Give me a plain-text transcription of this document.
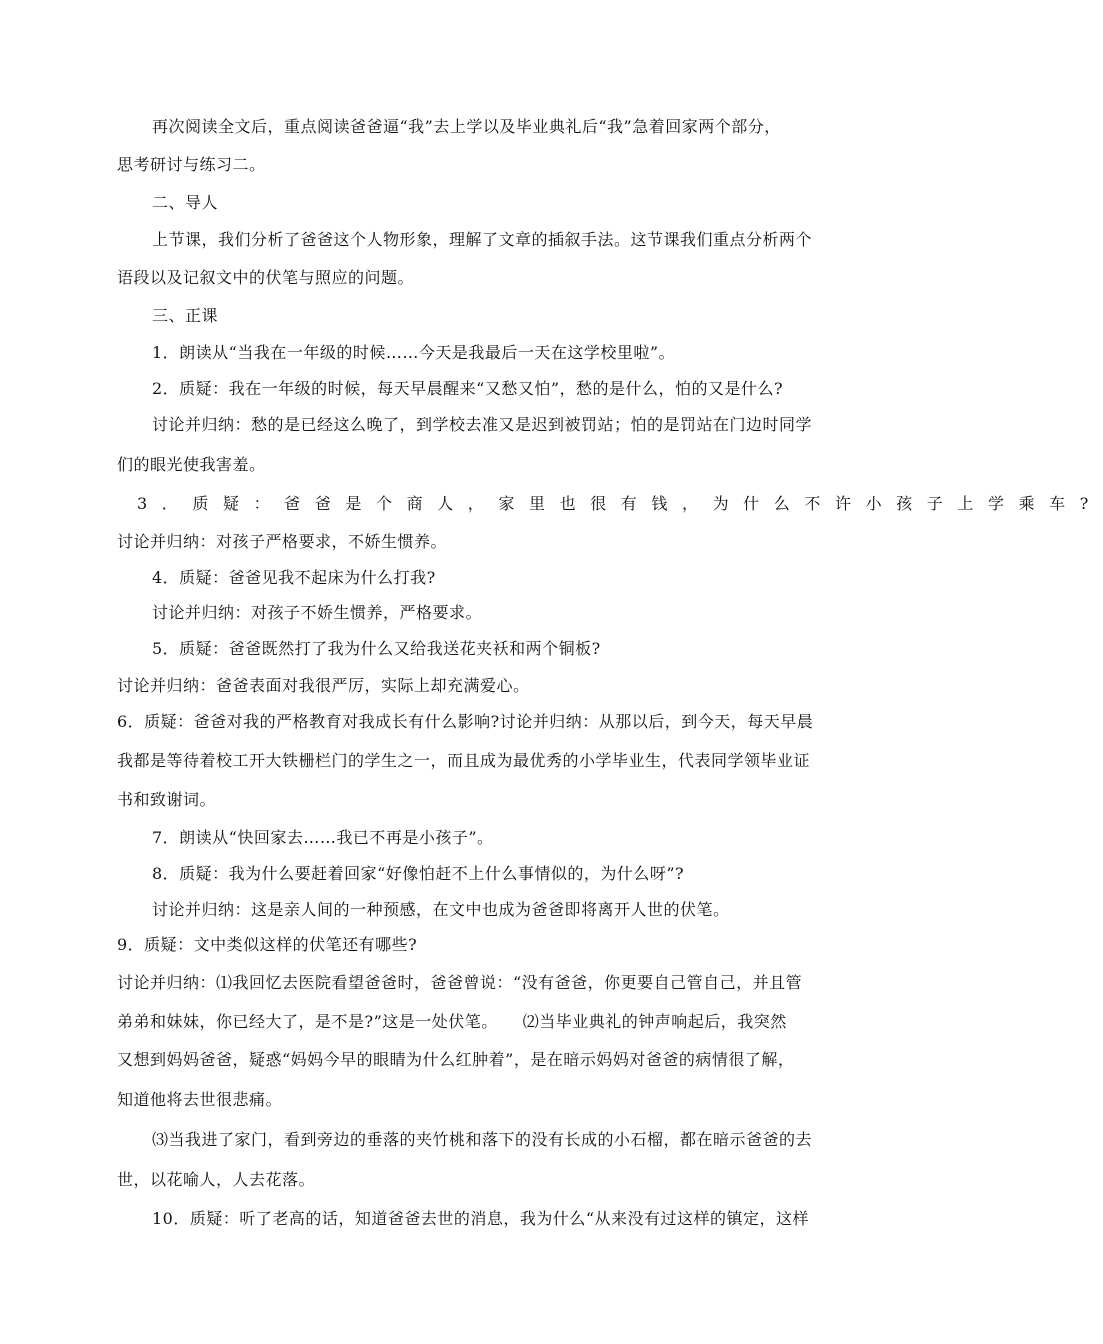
再次阅读全文后，重点阅读爸爸逼“我”去上学以及毕业典礼后“我”急着回家两个部分，
思考研讨与练习二。
二、导人
上节课，我们分析了爸爸这个人物形象，理解了文章的插叙手法。这节课我们重点分析两个
语段以及记叙文中的伏笔与照应的问题。
三、正课
1．朗读从“当我在一年级的时候……今天是我最后一天在这学校里啦”。
2．质疑：我在一年级的时候，每天早晨醒来“又愁又怕”，愁的是什么，怕的又是什么?
讨论并归纳：愁的是已经这么晚了，到学校去准又是迟到被罚站；怕的是罚站在门边时同学
们的眼光使我害羞。
3．质疑：爸爸是个商人，家里也很有钱，为什么不许小孩子上学乘车?
讨论并归纳：对孩子严格要求，不娇生惯养。
4．质疑：爸爸见我不起床为什么打我?
讨论并归纳：对孩子不娇生惯养，严格要求。
5．质疑：爸爸既然打了我为什么又给我送花夹袄和两个铜板?
讨论并归纳：爸爸表面对我很严厉，实际上却充满爱心。
6．质疑：爸爸对我的严格教育对我成长有什么影响?讨论并归纳：从那以后，到今天，每天早晨
我都是等待着校工开大铁栅栏门的学生之一，而且成为最优秀的小学毕业生，代表同学领毕业证
书和致谢词。
7．朗读从“快回家去……我已不再是小孩子”。
8．质疑：我为什么要赶着回家“好像怕赶不上什么事情似的，为什么呀”?
讨论并归纳：这是亲人间的一种预感，在文中也成为爸爸即将离开人世的伏笔。
9．质疑：文中类似这样的伏笔还有哪些?
讨论并归纳：⑴我回忆去医院看望爸爸时，爸爸曾说：“没有爸爸，你更要自己管自己，并且管
弟弟和妹妹，你已经大了，是不是?”这是一处伏笔。　　⑵当毕业典礼的钟声响起后，我突然
又想到妈妈爸爸，疑惑“妈妈今早的眼睛为什么红肿着”，是在暗示妈妈对爸爸的病情很了解，
知道他将去世很悲痛。
⑶当我进了家门，看到旁边的垂落的夹竹桃和落下的没有长成的小石榴，都在暗示爸爸的去
世，以花喻人，人去花落。
10．质疑：听了老高的话，知道爸爸去世的消息，我为什么“从来没有过这样的镇定，这样
